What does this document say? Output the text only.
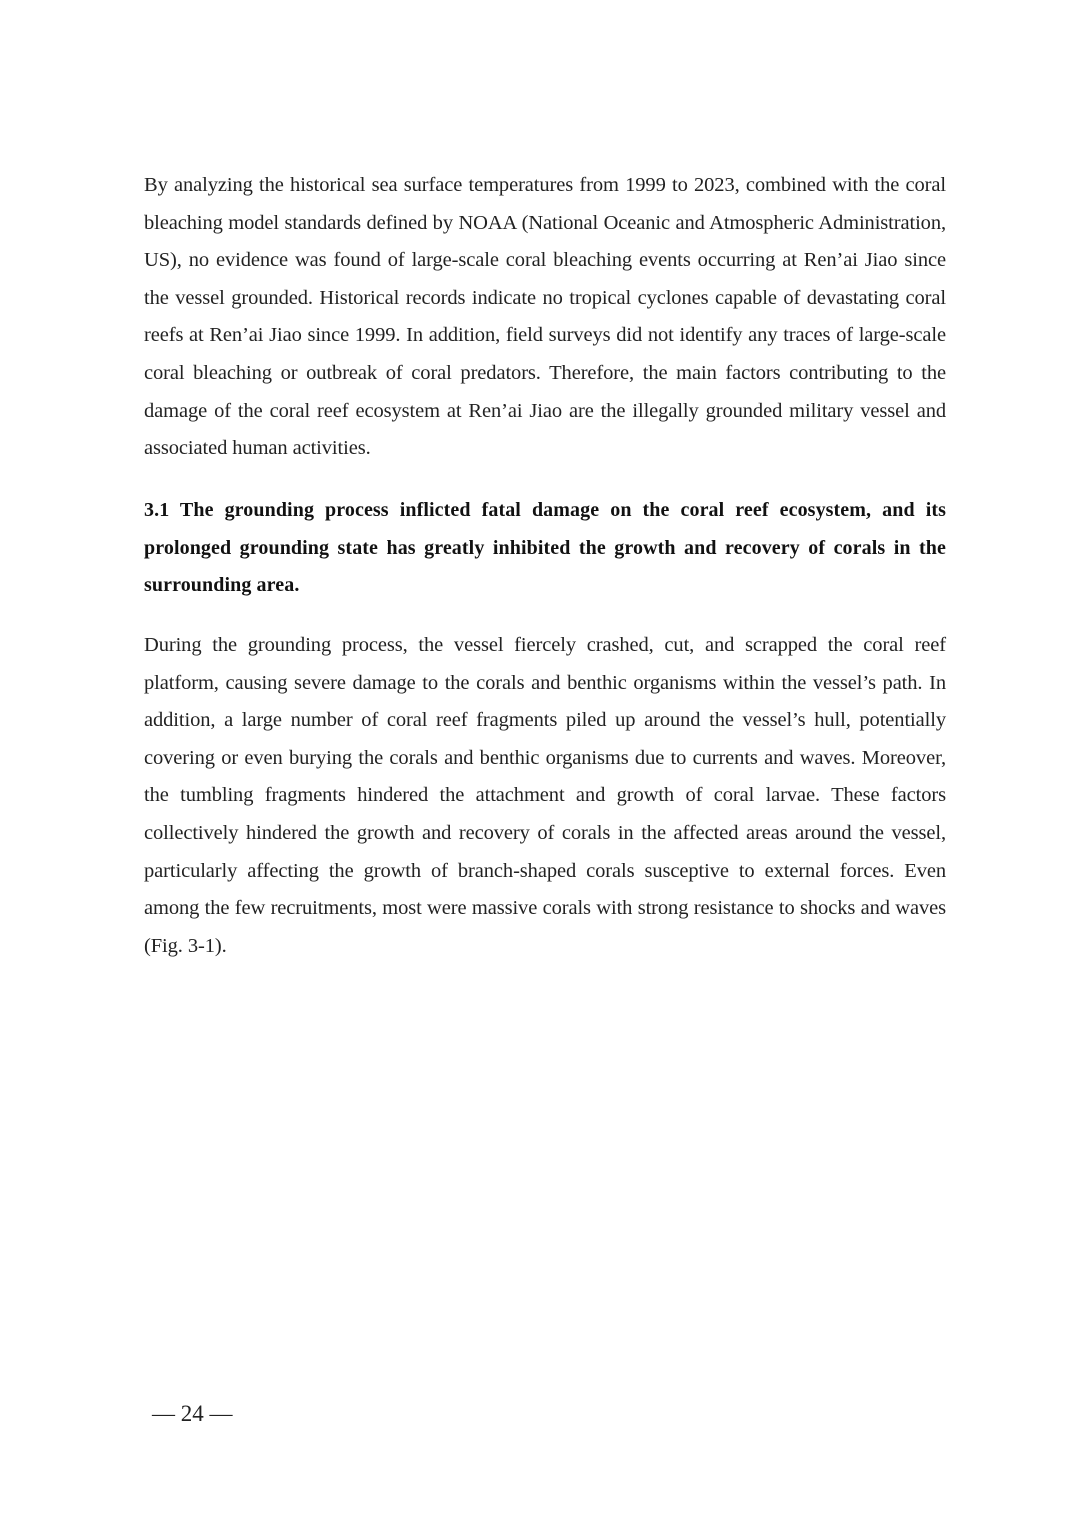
By analyzing the historical sea surface temperatures from 1999 to 2023, combined with the coral bleaching model standards defined by NOAA (National Oceanic and Atmospheric Administration, US), no evidence was found of large-scale coral bleaching events occurring at Ren’ai Jiao since the vessel grounded. Historical records indicate no tropical cyclones capable of devastating coral reefs at Ren’ai Jiao since 1999. In addition, field surveys did not identify any traces of large-scale coral bleaching or outbreak of coral predators. Therefore, the main factors contributing to the damage of the coral reef ecosystem at Ren’ai Jiao are the illegally grounded military vessel and associated human activities.

3.1 The grounding process inflicted fatal damage on the coral reef ecosystem, and its prolonged grounding state has greatly inhibited the growth and recovery of corals in the surrounding area.

During the grounding process, the vessel fiercely crashed, cut, and scrapped the coral reef platform, causing severe damage to the corals and benthic organisms within the vessel’s path. In addition, a large number of coral reef fragments piled up around the vessel’s hull, potentially covering or even burying the corals and benthic organisms due to currents and waves. Moreover, the tumbling fragments hindered the attachment and growth of coral larvae. These factors collectively hindered the growth and recovery of corals in the affected areas around the vessel, particularly affecting the growth of branch-shaped corals susceptive to external forces. Even among the few recruitments, most were massive corals with strong resistance to shocks and waves (Fig. 3-1).

— 24 —
